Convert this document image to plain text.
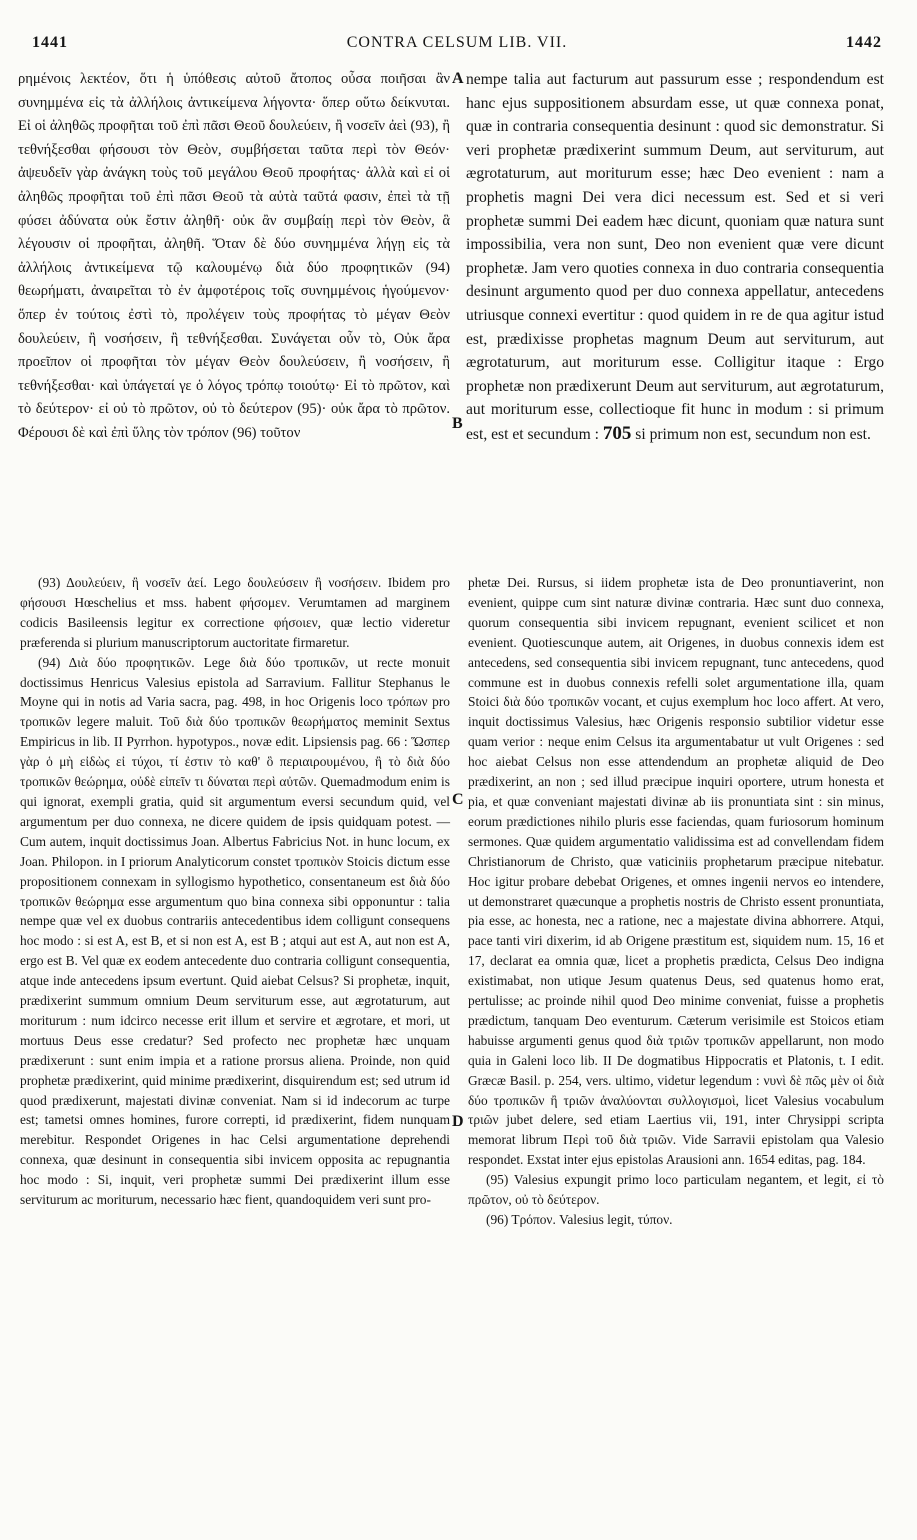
1441	CONTRA CELSUM LIB. VII.	1442
ρημένοις λεκτέον, ὅτι ἡ ὑπόθεσις αὐτοῦ ἄτοπος οὖσα ποιῆσαι ἂν συνημμένα εἰς τὰ ἀλλήλοις ἀντικείμενα λήγοντα· ὅπερ οὕτω δείκνυται. Εἰ οἱ ἀληθῶς προφῆται τοῦ ἐπὶ πᾶσι Θεοῦ δουλεύειν, ἢ νοσεῖν ἀεὶ (93), ἢ τεθνήξεσθαι φήσουσι τὸν Θεὸν, συμβήσεται ταῦτα περὶ τὸν Θεόν· ἀψευδεῖν γὰρ ἀνάγκη τοὺς τοῦ μεγάλου Θεοῦ προφήτας· ἀλλὰ καὶ εἰ οἱ ἀληθῶς προφῆται τοῦ ἐπὶ πᾶσι Θεοῦ τὰ αὐτὰ ταῦτά φασιν, ἐπεὶ τὰ τῇ φύσει ἀδύνατα οὐκ ἔστιν ἀληθῆ· οὐκ ἂν συμβαίῃ περὶ τὸν Θεὸν, ἃ λέγουσιν οἱ προφῆται, ἀληθῆ. Ὅταν δὲ δύο συνημμένα λήγῃ εἰς τὰ ἀλλήλοις ἀντικείμενα τῷ καλουμένῳ διὰ δύο προφητικῶν (94) θεωρήματι, ἀναιρεῖται τὸ ἐν ἀμφοτέροις τοῖς συνημμένοις ἡγούμενον· ὅπερ ἐν τούτοις ἐστὶ τὸ, προλέγειν τοὺς προφήτας τὸ μέγαν Θεὸν δουλεύειν, ἢ νοσήσειν, ἢ τεθνήξεσθαι. Συνάγεται οὖν τὸ, Οὐκ ἄρα προεῖπον οἱ προφῆται τὸν μέγαν Θεὸν δουλεύσειν, ἢ νοσήσειν, ἢ τεθνήξεσθαι· καὶ ὑπάγεταί γε ὁ λόγος τρόπῳ τοιούτῳ· Εἰ τὸ πρῶτον, καὶ τὸ δεύτερον· εἰ οὐ τὸ πρῶτον, οὐ τὸ δεύτερον (95)· οὐκ ἄρα τὸ πρῶτον. Φέρουσι δὲ καὶ ἐπὶ ὕλης τὸν τρόπον (96) τοῦτον
nempe talia aut facturum aut passurum esse ; respondendum est hanc ejus suppositionem absurdam esse, ut quæ connexa ponat, quæ in contraria consequentia desinunt : quod sic demonstratur. Si veri prophetæ prædixerint summum Deum, aut serviturum, aut ægrotaturum, aut moriturum esse; hæc Deo evenient : nam a prophetis magni Dei vera dici necessum est. Sed et si veri prophetæ summi Dei eadem hæc dicunt, quoniam quæ natura sunt impossibilia, vera non sunt, Deo non evenient quæ vere dicunt prophetæ. Jam vero quoties connexa in duo contraria consequentia desinunt argumento quod per duo connexa appellatur, antecedens utriusque connexi evertitur : quod quidem in re de qua agitur istud est, prædixisse prophetas magnum Deum aut serviturum, aut ægrotaturum, aut moriturum esse. Colligitur itaque : Ergo prophetæ non prædixerunt Deum aut serviturum, aut ægrotaturum, aut moriturum esse, collectioque fit hunc in modum : si primum est, est et secundum : 705 si primum non est, secundum non est.
A
B
C
D

(93) Δουλεύειν, ἢ νοσεῖν ἀεί. Lego δουλεύσειν ἢ νοσήσειν. Ibidem pro φήσουσι Hœschelius et mss. habent φήσομεν. Verumtamen ad marginem codicis Basileensis legitur ex correctione φήσοιεν, quæ lectio videretur præferenda si plurium manuscriptorum auctoritate firmaretur.

(94) Διὰ δύο προφητικῶν. Lege διὰ δύο τροπικῶν, ut recte monuit doctissimus Henricus Valesius epistola ad Sarravium. Fallitur Stephanus le Moyne qui in notis ad Varia sacra, pag. 498, in hoc Origenis loco τρόπων pro τροπικῶν legere maluit. Τοῦ διὰ δύο τροπικῶν θεωρήματος meminit Sextus Empiricus in lib. II Pyrrhon. hypotypos., novæ edit. Lipsiensis pag. 66 : Ὥσπερ γὰρ ὁ μὴ εἰδὼς εἰ τύχοι, τί ἐστιν τὸ καθ' ὃ περιαιρουμένου, ἢ τὸ διὰ δύο τροπικῶν θεώρημα, οὐδὲ εἰπεῖν τι δύναται περὶ αὐτῶν. Quemadmodum enim is qui ignorat, exempli gratia, quid sit argumentum eversi secundum quid, vel argumentum per duo connexa, ne dicere quidem de ipsis quidquam potest. — Cum autem, inquit doctissimus Joan. Albertus Fabricius Not. in hunc locum, ex Joan. Philopon. in I priorum Analyticorum constet τροπικὸν Stoicis dictum esse propositionem connexam in syllogismo hypothetico, consentaneum est διὰ δύο τροπικῶν θεώρημα esse argumentum quo bina connexa sibi opponuntur : talia nempe quæ vel ex duobus contrariis antecedentibus idem colligunt consequens hoc modo : si est A, est B, et si non est A, est B ; atqui aut est A, aut non est A, ergo est B. Vel quæ ex eodem antecedente duo contraria colligunt consequentia, atque inde antecedens ipsum evertunt. Quid aiebat Celsus? Si prophetæ, inquit, prædixerint summum omnium Deum serviturum esse, aut ægrotaturum, aut moriturum : num idcirco necesse erit illum et servire et ægrotare, et mori, ut mortuus Deus esse credatur? Sed profecto nec prophetæ hæc unquam prædixerunt : sunt enim impia et a ratione prorsus aliena. Proinde, non quid prophetæ prædixerint, quid minime prædixerint, disquirendum est; sed utrum id quod prædixerunt, majestati divinæ conveniat. Nam si id indecorum ac turpe est; tametsi omnes homines, furore correpti, id prædixerint, fidem nunquam merebitur. Respondet Origenes in hac Celsi argumentatione deprehendi connexa, quæ desinunt in consequentia sibi invicem opposita ac repugnantia hoc modo : Si, inquit, veri prophetæ summi Dei prædixerint illum esse serviturum ac moriturum, necessario hæc fient, quandoquidem veri sunt pro-

phetæ Dei. Rursus, si iidem prophetæ ista de Deo pronuntiaverint, non evenient, quippe cum sint naturæ divinæ contraria. Hæc sunt duo connexa, quorum consequentia sibi invicem repugnant, evenient scilicet et non evenient. Quotiescunque autem, ait Origenes, in duobus connexis idem est antecedens, sed consequentia sibi invicem repugnant, tunc antecedens, quod commune est in duobus connexis refelli solet argumentatione illa, quam Stoici διὰ δύο τροπικῶν vocant, et cujus exemplum hoc loco affert. At vero, inquit doctissimus Valesius, hæc Origenis responsio subtilior videtur esse quam verior : neque enim Celsus ita argumentabatur ut vult Origenes : sed hoc aiebat Celsus non esse attendendum an prophetæ aliquid de Deo prædixerint, an non ; sed illud præcipue inquiri oportere, utrum honesta et pia, et quæ conveniant majestati divinæ ab iis pronuntiata sint : sin minus, eorum prædictiones nihilo pluris esse faciendas, quam furiosorum hominum sermones. Quæ quidem argumentatio validissima est ad convellendam fidem Christianorum de Christo, quæ vaticiniis prophetarum præcipue nitebatur. Hoc igitur probare debebat Origenes, et omnes ingenii nervos eo intendere, ut demonstraret quæcunque a prophetis nostris de Christo essent pronuntiata, pia esse, ac honesta, nec a ratione, nec a majestate divina abhorrere. Atqui, pace tanti viri dixerim, id ab Origene præstitum est, siquidem num. 15, 16 et 17, declarat ea omnia quæ, licet a prophetis prædicta, Celsus Deo indigna existimabat, non utique Jesum quatenus Deus, sed quatenus homo erat, pertulisse; ac proinde nihil quod Deo minime conveniat, fuisse a prophetis prædictum, tanquam Deo eventurum. Cæterum verisimile est Stoicos etiam habuisse argumenti genus quod διὰ τριῶν τροπικῶν appellarunt, non modo quia in Galeni loco lib. II De dogmatibus Hippocratis et Platonis, t. I edit. Græcæ Basil. p. 254, vers. ultimo, videtur legendum : νυνὶ δὲ πῶς μὲν οἱ διὰ δύο τροπικῶν ἢ τριῶν ἀναλύονται συλλογισμοὶ, licet Valesius vocabulum τριῶν jubet delere, sed etiam Laertius vii, 191, inter Chrysippi scripta memorat librum Περὶ τοῦ διὰ τριῶν. Vide Sarravii epistolam qua Valesio respondet. Exstat inter ejus epistolas Arausioni ann. 1654 editas, pag. 184.

(95) Valesius expungit primo loco particulam negantem, et legit, εἰ τὸ πρῶτον, οὐ τὸ δεύτερον.

(96) Τρόπον. Valesius legit, τύπον.
